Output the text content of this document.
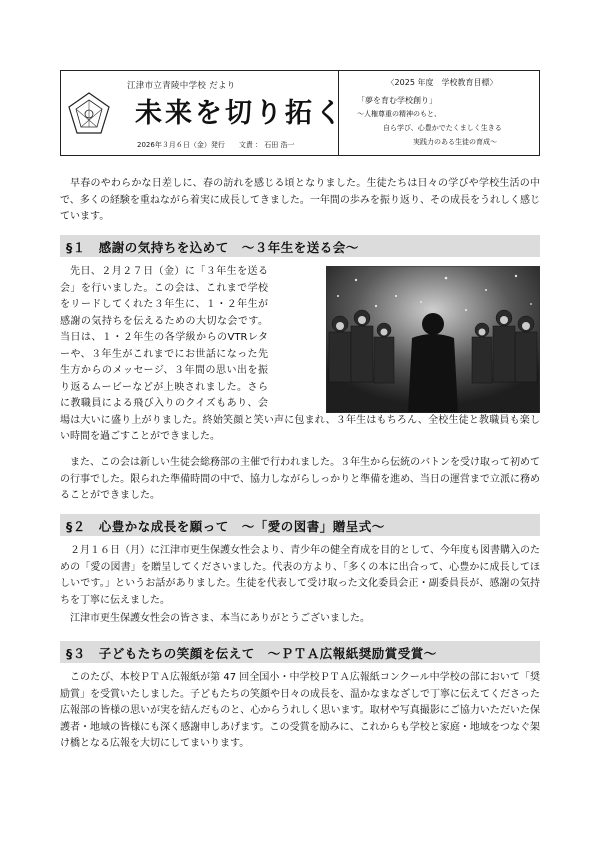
江津市立青陵中学校 だより
未来を切り拓く
2026年３月６日（金）発行 文責 ： 石田 浩一
〈2025 年度　学校教育目標〉
「夢を育む学校創り」
～人権尊重の精神のもと、
自ら学び、心豊かでたくましく生きる
実践力のある生徒の育成～

早春のやわらかな日差しに、春の訪れを感じる頃となりました。生徒たちは日々の学びや学校生活の中で、多くの経験を重ねながら着実に成長してきました。一年間の歩みを振り返り、その成長をうれしく感じています。

§１　感謝の気持ちを込めて　～３年生を送る会～

先日、２月２７日（金）に「３年生を送る会」を行いました。この会は、これまで学校をリードしてくれた３年生に、１・２年生が感謝の気持ちを伝えるための大切な会です。当日は、１・２年生の各学級からのVTRレターや、３年生がこれまでにお世話になった先生方からのメッセージ、３年間の思い出を振り返るムービーなどが上映されました。さらに教職員による飛び入りのクイズもあり、会場は大いに盛り上がりました。終始笑顔と笑い声に包まれ、３年生はもちろん、全校生徒と教職員も楽しい時間を過ごすことができました。

また、この会は新しい生徒会総務部の主催で行われました。３年生から伝統のバトンを受け取って初めての行事でした。限られた準備時間の中で、協力しながらしっかりと準備を進め、当日の運営まで立派に務めることができました。

§２　心豊かな成長を願って　～「愛の図書」贈呈式～

２月１６日（月）に江津市更生保護女性会より、青少年の健全育成を目的として、今年度も図書購入のための「愛の図書」を贈呈してくださいました。代表の方より、「多くの本に出合って、心豊かに成長してほしいです。」というお話がありました。生徒を代表して受け取った文化委員会正・副委員長が、感謝の気持ちを丁寧に伝えました。

江津市更生保護女性会の皆さま、本当にありがとうございました。

§３　子どもたちの笑顔を伝えて　～ＰＴＡ広報紙奨励賞受賞～

このたび、本校ＰＴＡ広報紙が第 47 回全国小・中学校ＰＴＡ広報紙コンクール中学校の部において「奨励賞」を受賞いたしました。子どもたちの笑顔や日々の成長を、温かなまなざしで丁寧に伝えてくださった広報部の皆様の思いが実を結んだものと、心からうれしく思います。取材や写真撮影にご協力いただいた保護者・地域の皆様にも深く感謝申しあげます。この受賞を励みに、これからも学校と家庭・地域をつなぐ架け橋となる広報を大切にしてまいります。
